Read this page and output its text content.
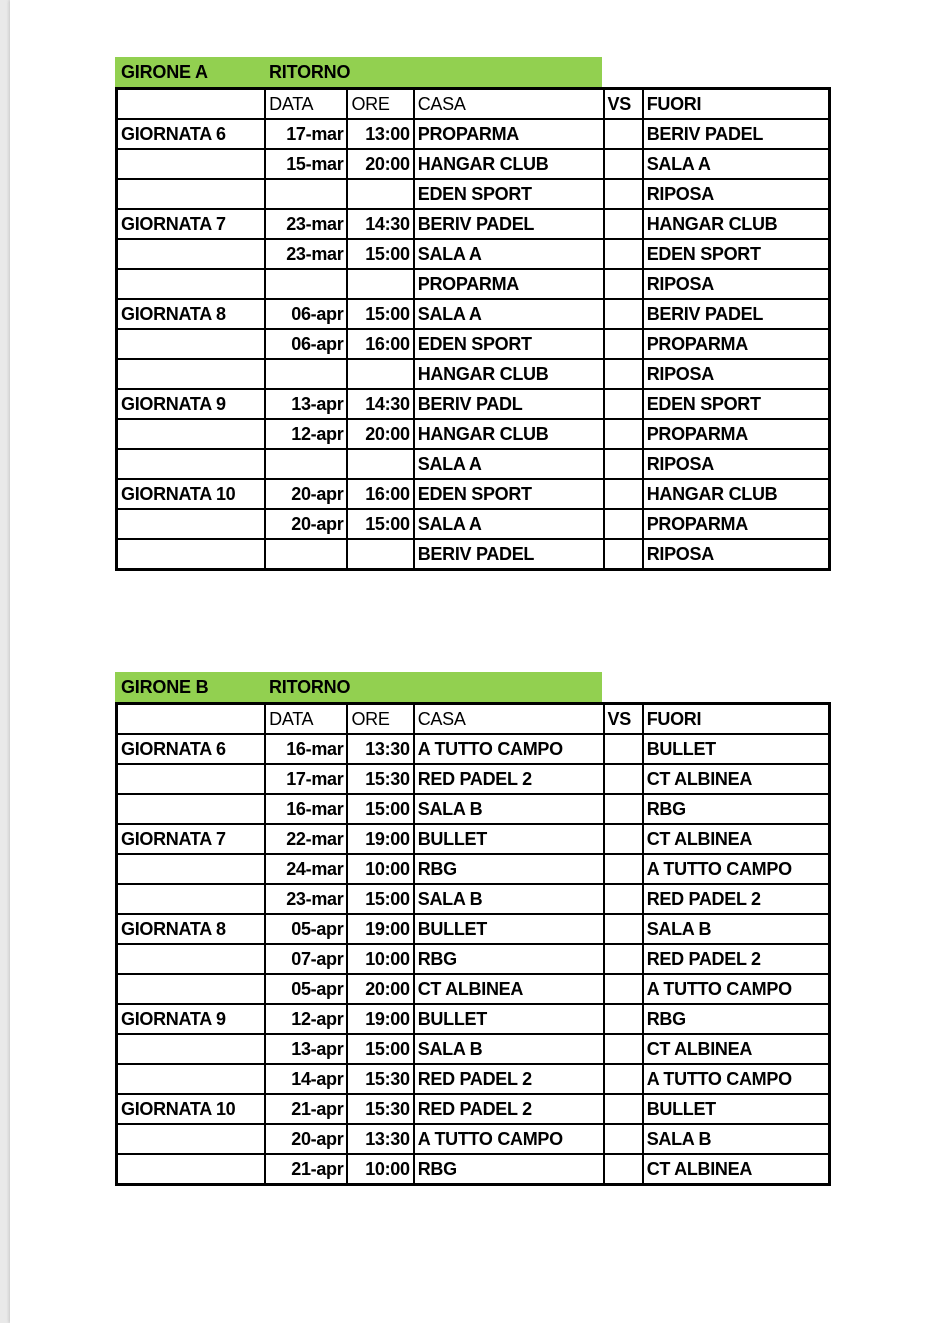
GIRONE A	RITORNO
	DATA	ORE	CASA	VS	FUORI
GIORNATA 6	17-mar	13:00	PROPARMA		BERIV PADEL
	15-mar	20:00	HANGAR CLUB		SALA A
			EDEN SPORT		RIPOSA
GIORNATA 7	23-mar	14:30	BERIV PADEL		HANGAR CLUB
	23-mar	15:00	SALA A		EDEN SPORT
			PROPARMA		RIPOSA
GIORNATA 8	06-apr	15:00	SALA A		BERIV PADEL
	06-apr	16:00	EDEN SPORT		PROPARMA
			HANGAR CLUB		RIPOSA
GIORNATA 9	13-apr	14:30	BERIV PADL		EDEN SPORT
	12-apr	20:00	HANGAR CLUB		PROPARMA
			SALA A		RIPOSA
GIORNATA 10	20-apr	16:00	EDEN SPORT		HANGAR CLUB
	20-apr	15:00	SALA A		PROPARMA
			BERIV PADEL		RIPOSA
GIRONE B	RITORNO
	DATA	ORE	CASA	VS	FUORI
GIORNATA 6	16-mar	13:30	A TUTTO CAMPO		BULLET
	17-mar	15:30	RED PADEL 2		CT ALBINEA
	16-mar	15:00	SALA B		RBG
GIORNATA 7	22-mar	19:00	BULLET		CT ALBINEA
	24-mar	10:00	RBG		A TUTTO CAMPO
	23-mar	15:00	SALA B		RED PADEL 2
GIORNATA 8	05-apr	19:00	BULLET		SALA B
	07-apr	10:00	RBG		RED PADEL 2
	05-apr	20:00	CT ALBINEA		A TUTTO CAMPO
GIORNATA 9	12-apr	19:00	BULLET		RBG
	13-apr	15:00	SALA B		CT ALBINEA
	14-apr	15:30	RED PADEL 2		A TUTTO CAMPO
GIORNATA 10	21-apr	15:30	RED PADEL 2		BULLET
	20-apr	13:30	A TUTTO CAMPO		SALA B
	21-apr	10:00	RBG		CT ALBINEA
